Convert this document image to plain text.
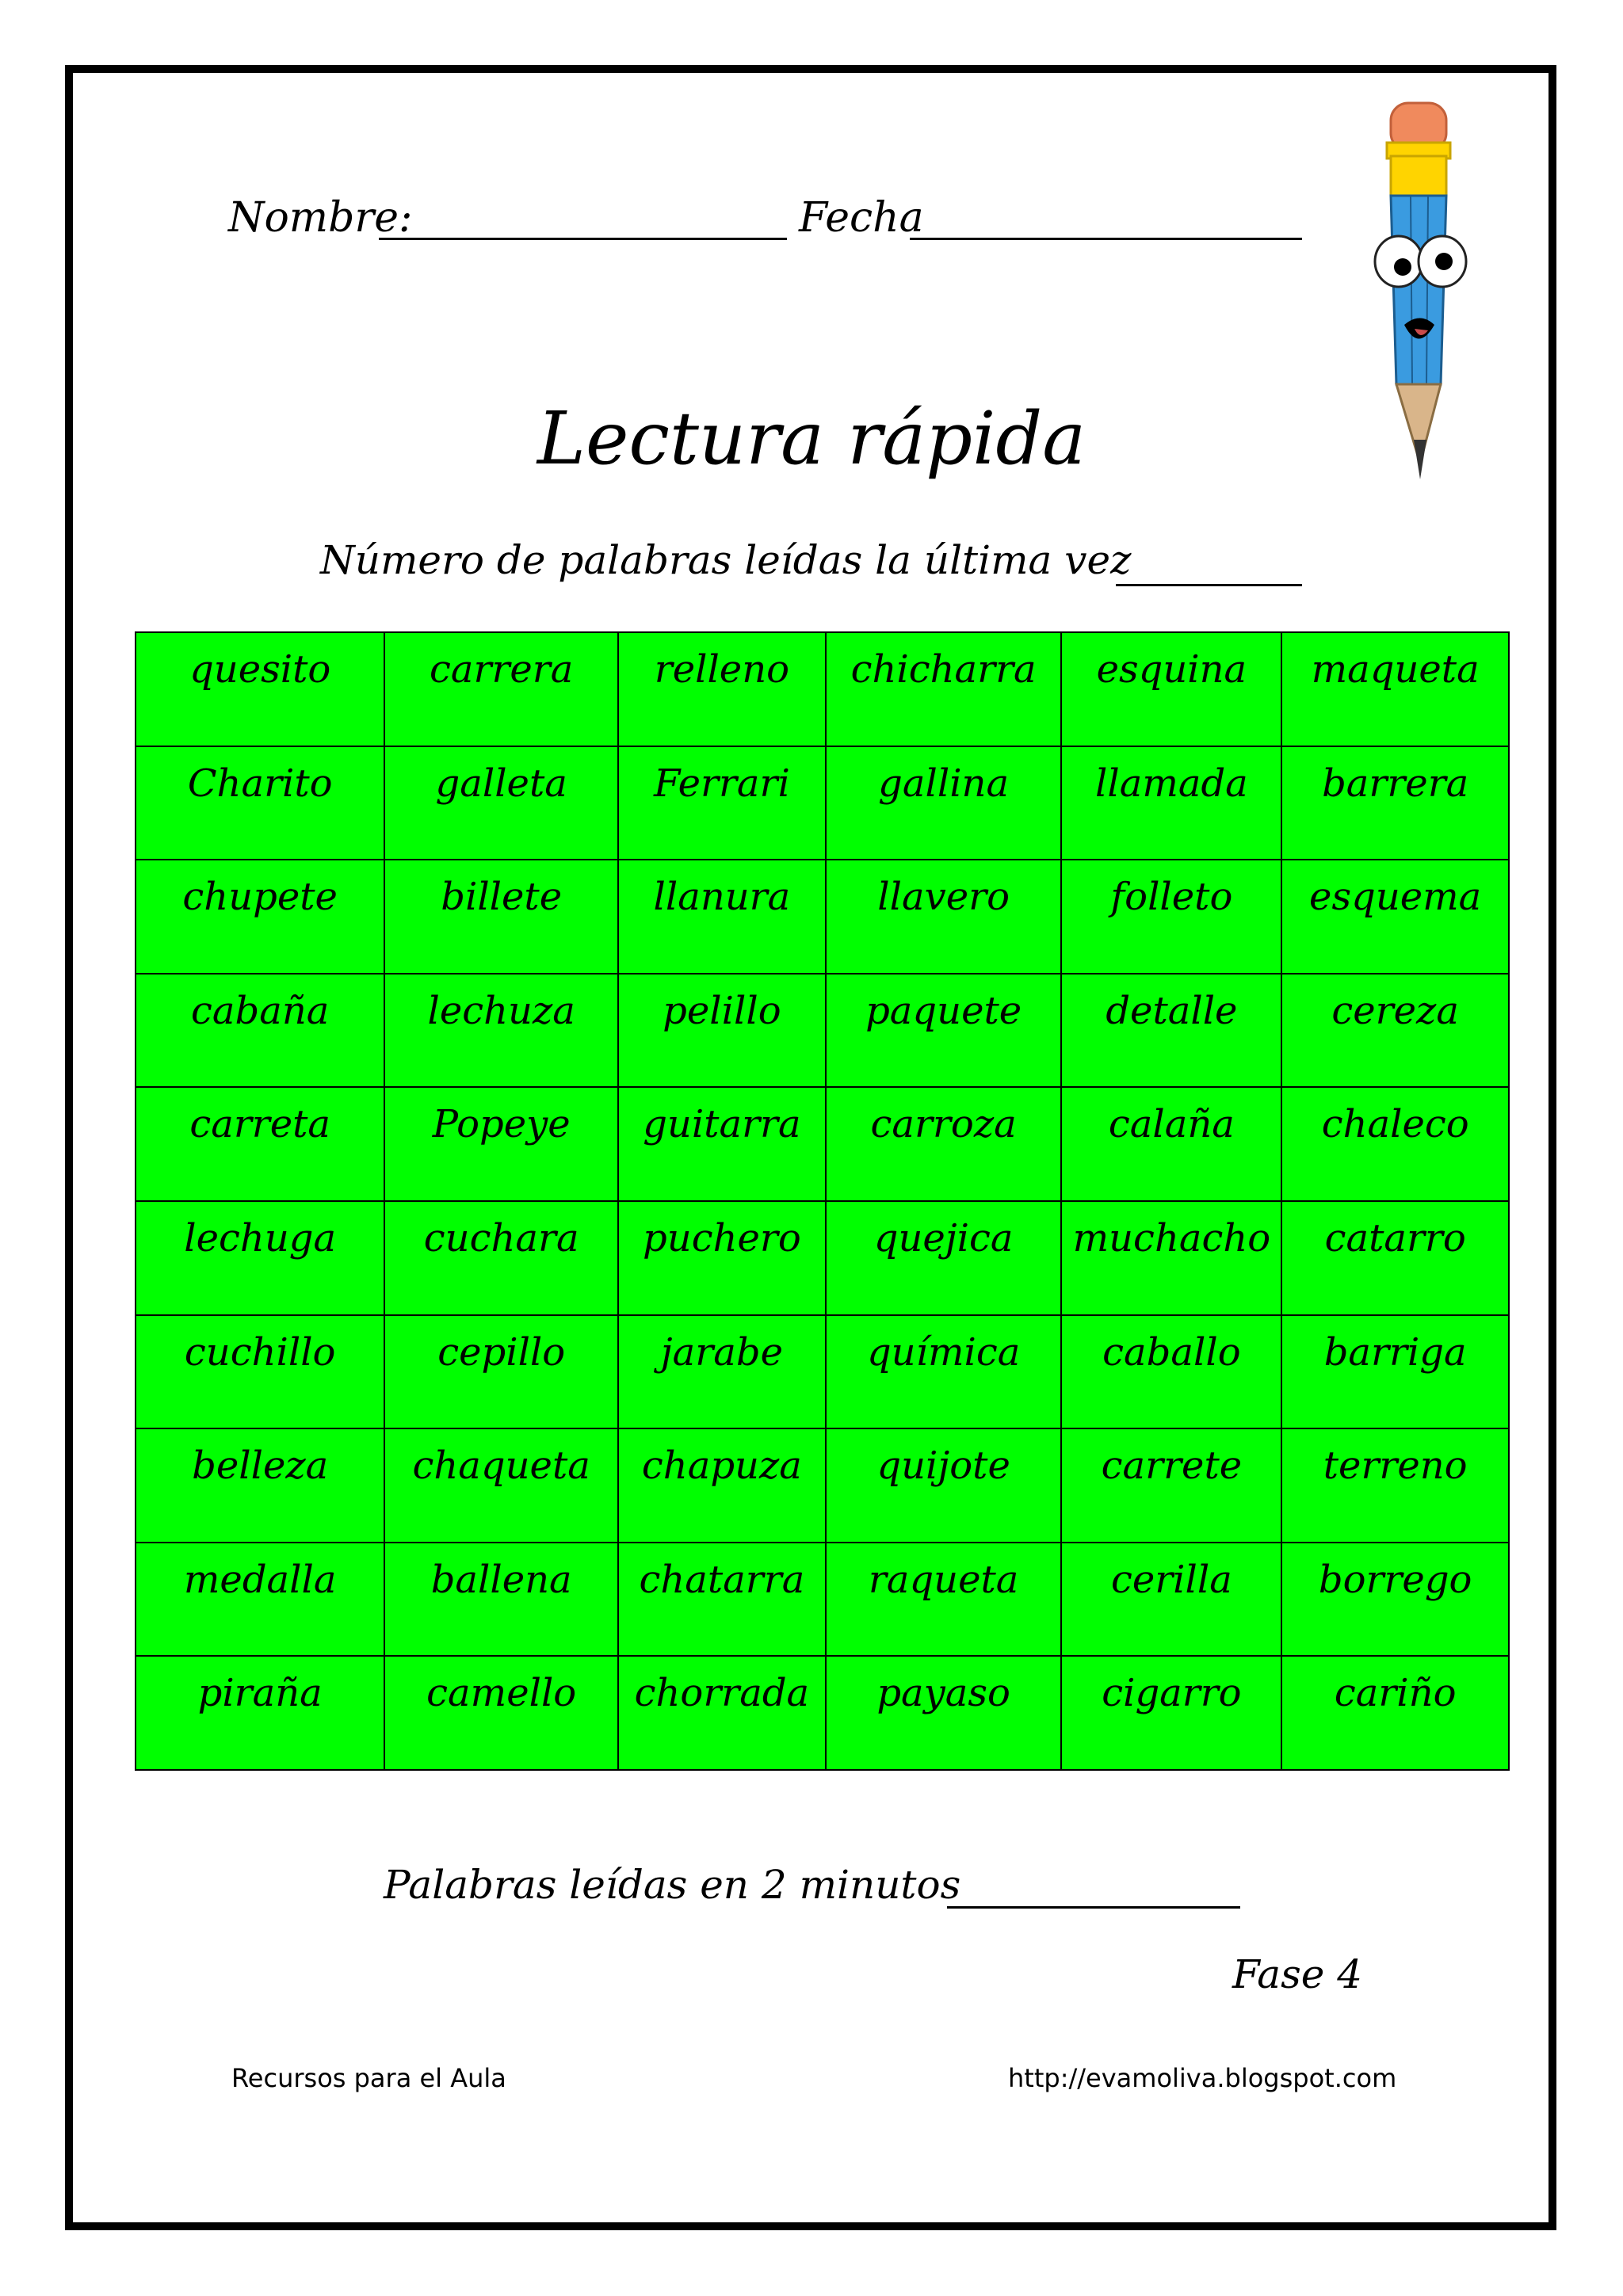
Nombre:	Fecha
Lectura rápida
Número de palabras leídas la última vez
quesito	carrera	relleno	chicharra	esquina	maqueta
Charito	galleta	Ferrari	gallina	llamada	barrera
chupete	billete	llanura	llavero	folleto	esquema
cabaña	lechuza	pelillo	paquete	detalle	cereza
carreta	Popeye	guitarra	carroza	calaña	chaleco
lechuga	cuchara	puchero	quejica	muchacho	catarro
cuchillo	cepillo	jarabe	química	caballo	barriga
belleza	chaqueta	chapuza	quijote	carrete	terreno
medalla	ballena	chatarra	raqueta	cerilla	borrego
piraña	camello	chorrada	payaso	cigarro	cariño
Palabras leídas en 2 minutos
Fase 4
Recursos para el Aula	http://evamoliva.blogspot.com
